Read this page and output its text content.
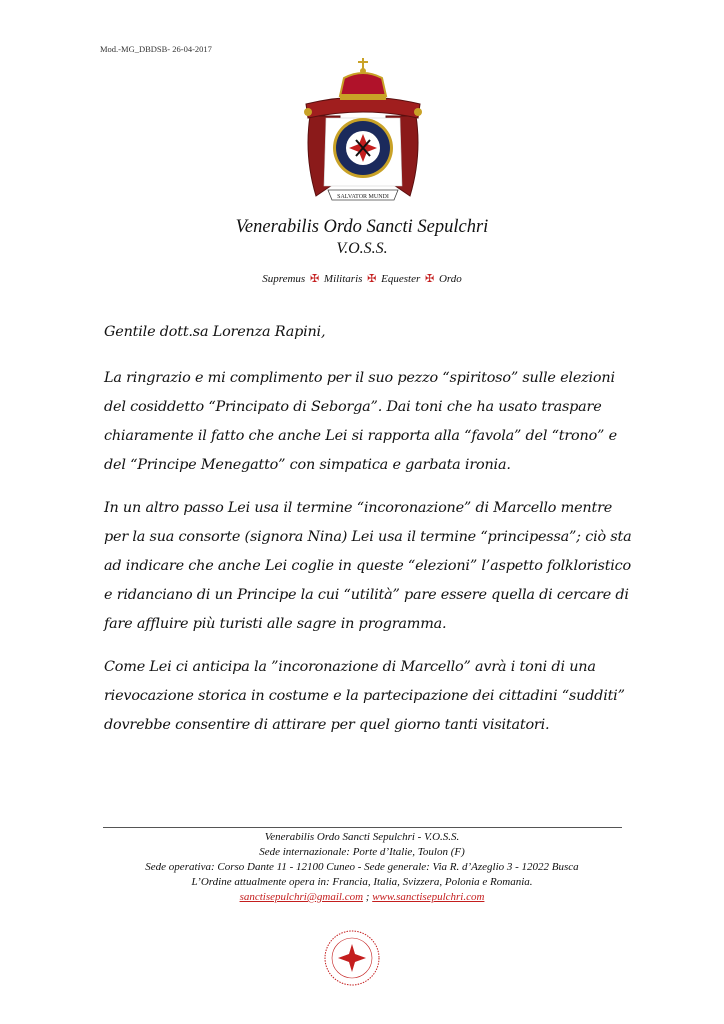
Mod.-MG_DBDSB- 26-04-2017
SALVATOR MUNDI
Venerabilis Ordo Sancti Sepulchri
V.O.S.S.
Supremus ✠ Militaris ✠ Equester ✠ Ordo

Gentile dott.sa Lorenza Rapini,

La ringrazio e mi complimento per il suo pezzo “spiritoso” sulle elezioni del cosiddetto “Principato di Seborga”. Dai toni che ha usato traspare chiaramente il fatto che anche Lei si rapporta alla “favola” del “trono” e del “Principe Menegatto” con simpatica e garbata ironia.

In un altro passo Lei usa il termine “incoronazione” di Marcello mentre per la sua consorte (signora Nina) Lei usa il termine “principessa”; ciò sta ad indicare che anche Lei coglie in queste “elezioni” l’aspetto folkloristico e ridanciano di un Principe la cui “utilità” pare essere quella di cercare di fare affluire più turisti alle sagre in programma.

Come Lei ci anticipa la ”incoronazione di Marcello” avrà i toni di una rievocazione storica in costume e la partecipazione dei cittadini “sudditi” dovrebbe consentire di attirare per quel giorno tanti visitatori.

Venerabilis Ordo Sancti Sepulchri - V.O.S.S.
Sede internazionale: Porte d’Italie, Toulon (F)
Sede operativa: Corso Dante 11 - 12100 Cuneo - Sede generale: Via R. d’Azeglio 3 - 12022 Busca
L’Ordine attualmente opera in: Francia, Italia, Svizzera, Polonia e Romania.
sanctisepulchri@gmail.com ; www.sanctisepulchri.com
